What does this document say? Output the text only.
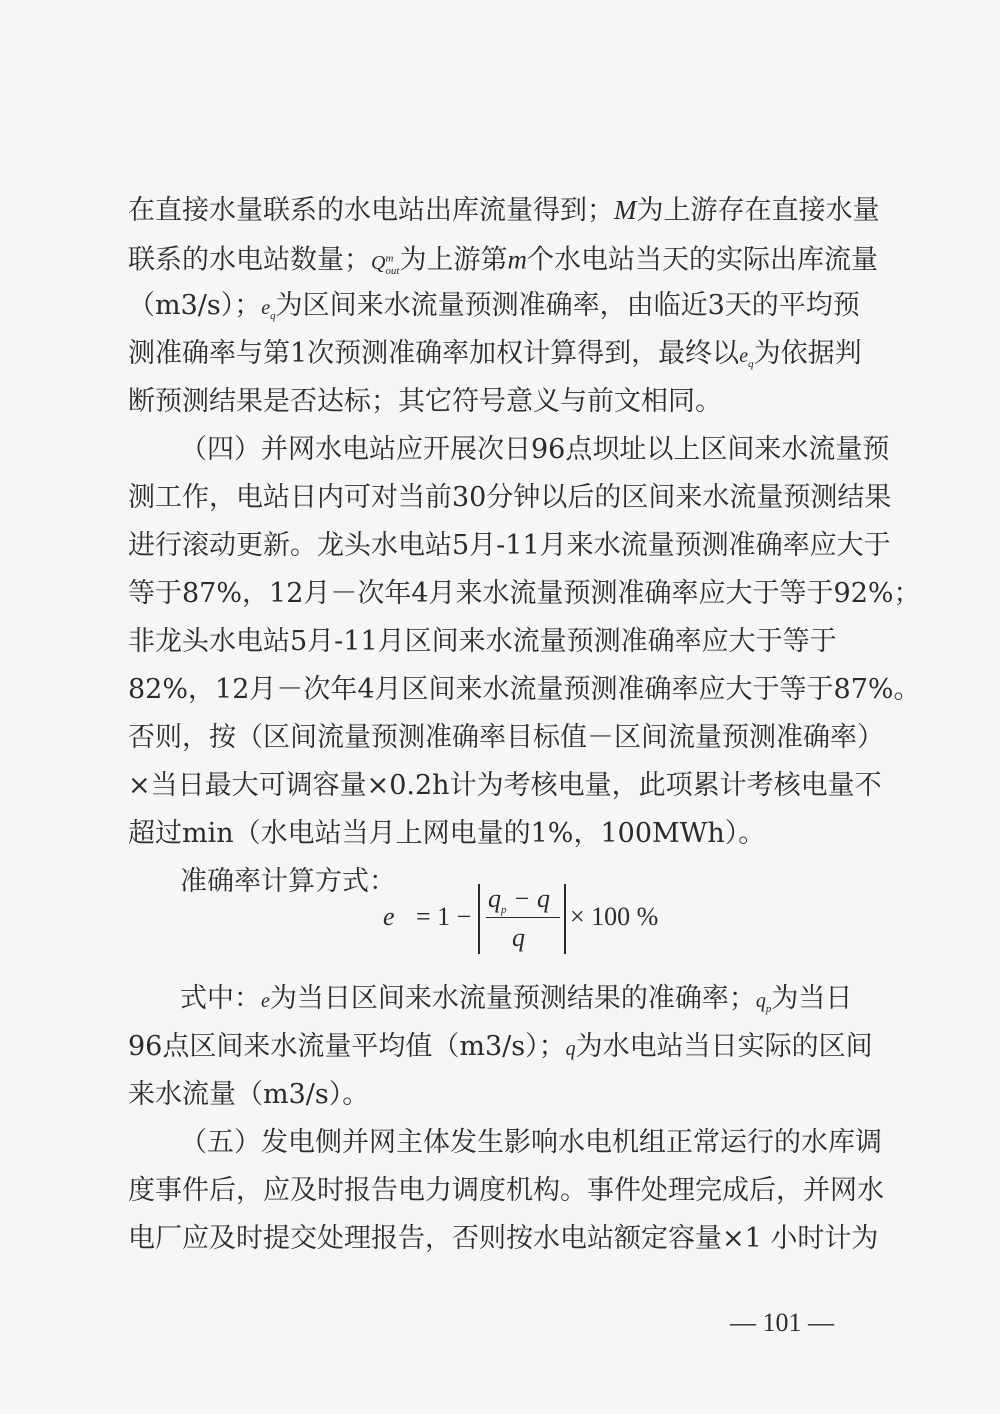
在直接水量联系的水电站出库流量得到；M为上游存在直接水量
联系的水电站数量；$Q^m_{out}$为上游第m个水电站当天的实际出库流量
（m3/s）；$e_q$为区间来水流量预测准确率，由临近3天的平均预
测准确率与第1次预测准确率加权计算得到，最终以$e_q$为依据判
断预测结果是否达标；其它符号意义与前文相同。
（四）并网水电站应开展次日96点坝址以上区间来水流量预
测工作，电站日内可对当前30分钟以后的区间来水流量预测结果
进行滚动更新。龙头水电站5月-11月来水流量预测准确率应大于
等于87%，12月－次年4月来水流量预测准确率应大于等于92%；
非龙头水电站5月-11月区间来水流量预测准确率应大于等于
82%，12月－次年4月区间来水流量预测准确率应大于等于87%。
否则，按（区间流量预测准确率目标值－区间流量预测准确率）
×当日最大可调容量×0.2h计为考核电量，此项累计考核电量不
超过min（水电站当月上网电量的1%，100MWh）。
准确率计算方式：
e = 1 −
$q_p - q$
q
× 100 %
式中：e为当日区间来水流量预测结果的准确率；$q_p$为当日
96点区间来水流量平均值（m3/s）；q为水电站当日实际的区间
来水流量（m3/s）。
（五）发电侧并网主体发生影响水电机组正常运行的水库调
度事件后，应及时报告电力调度机构。事件处理完成后，并网水
电厂应及时提交处理报告，否则按水电站额定容量×1 小时计为
— 101 —
